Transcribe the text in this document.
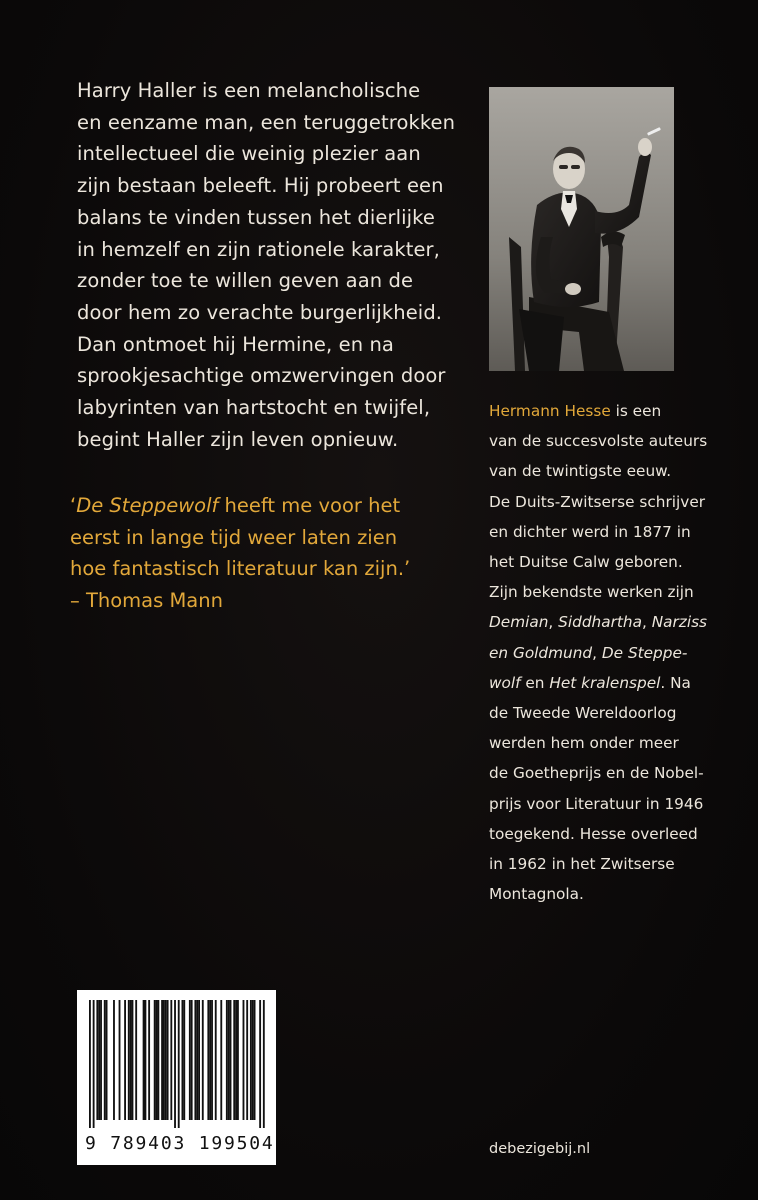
Harry Haller is een melancholische
en eenzame man, een teruggetrokken
intellectueel die weinig plezier aan
zijn bestaan beleeft. Hij probeert een
balans te vinden tussen het dierlijke
in hemzelf en zijn rationele karakter,
zonder toe te willen geven aan de
door hem zo verachte burgerlijkheid.
Dan ontmoet hij Hermine, en na
sprookjesachtige omzwervingen door
labyrinten van hartstocht en twijfel,
begint Haller zijn leven opnieuw.
‘De Steppewolf heeft me voor het
eerst in lange tijd weer laten zien
hoe fantastisch literatuur kan zijn.’
– Thomas Mann
Hermann Hesse is een
van de succesvolste auteurs
van de twintigste eeuw.
De Duits-Zwitserse schrijver
en dichter werd in 1877 in
het Duitse Calw geboren.
Zijn bekendste werken zijn
Demian, Siddhartha, Narziss
en Goldmund, De Steppe-
wolf en Het kralenspel. Na
de Tweede Wereldoorlog
werden hem onder meer
de Goetheprijs en de Nobel-
prijs voor Literatuur in 1946
toegekend. Hesse overleed
in 1962 in het Zwitserse
Montagnola.
9 789403 199504	debezigebij.nl
